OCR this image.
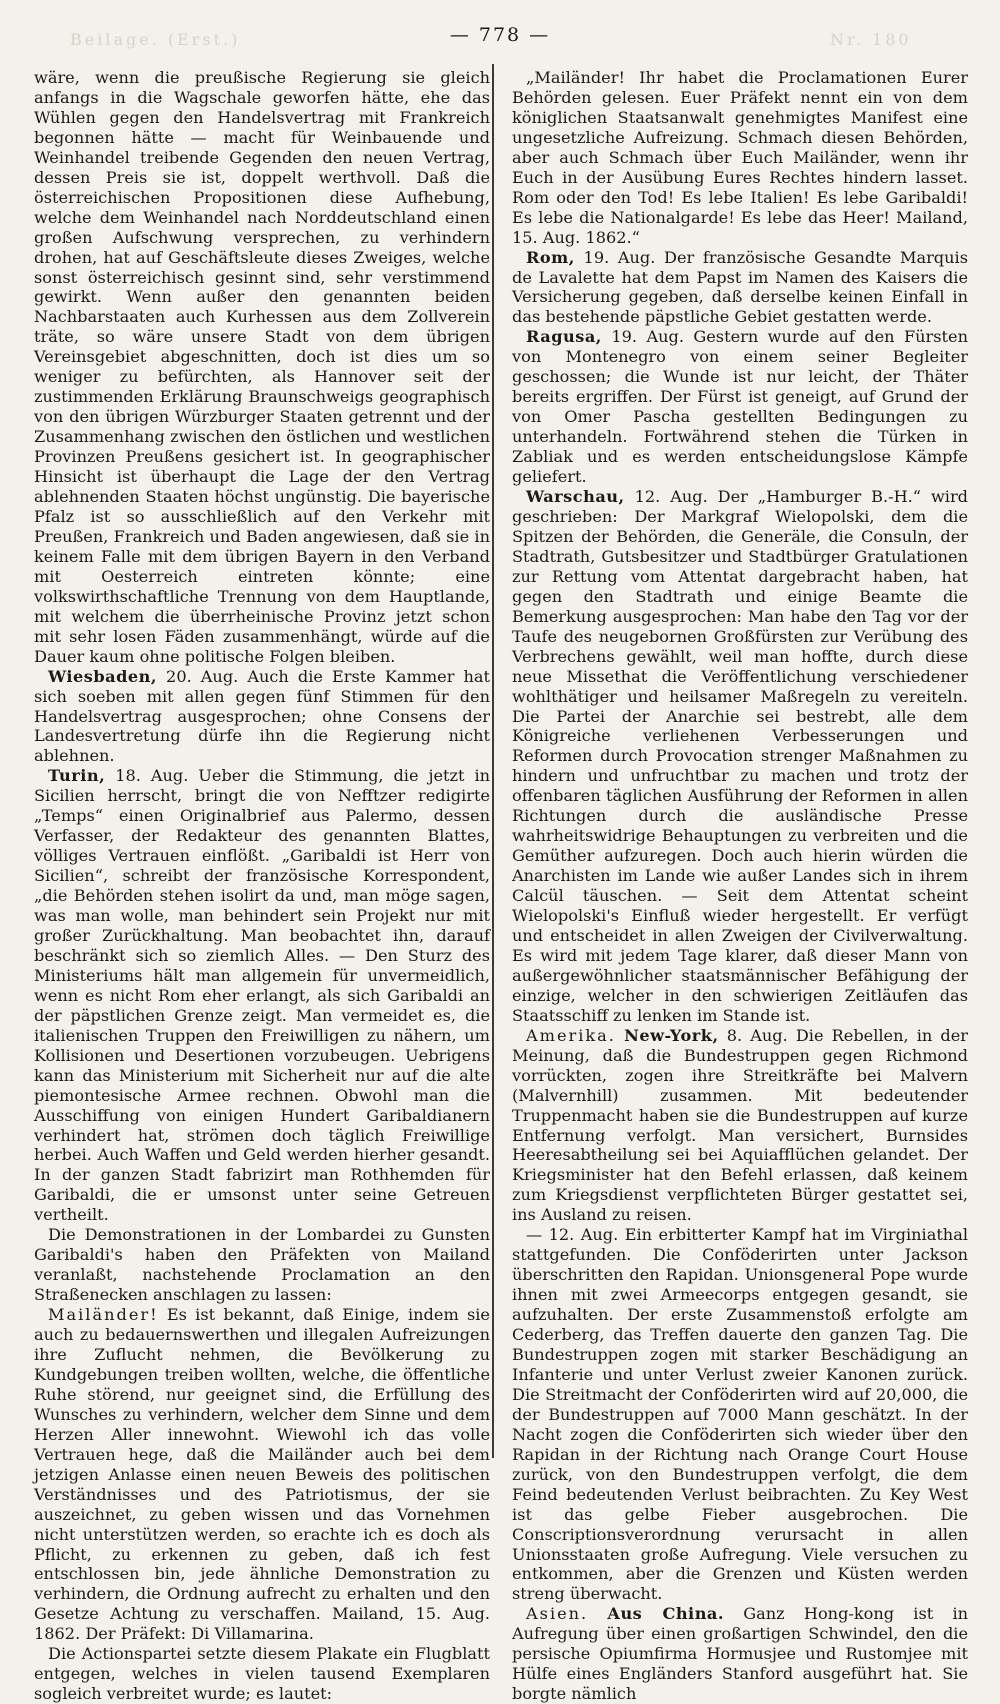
Beilage. (Erst.)	Nr. 180
— 778 —

wäre, wenn die preußische Regierung sie gleich anfangs in die Wagschale geworfen hätte, ehe das Wühlen gegen den Handelsvertrag mit Frankreich begonnen hätte — macht für Weinbauende und Weinhandel treibende Gegenden den neuen Vertrag, dessen Preis sie ist, doppelt werthvoll. Daß die österreichischen Propositionen diese Aufhebung, welche dem Weinhandel nach Norddeutschland einen großen Aufschwung versprechen, zu verhindern drohen, hat auf Geschäftsleute dieses Zweiges, welche sonst österreichisch gesinnt sind, sehr verstimmend gewirkt. Wenn außer den genannten beiden Nachbarstaaten auch Kurhessen aus dem Zollverein träte, so wäre unsere Stadt von dem übrigen Vereinsgebiet abgeschnitten, doch ist dies um so weniger zu befürchten, als Hannover seit der zustimmenden Erklärung Braunschweigs geographisch von den übrigen Würzburger Staaten getrennt und der Zusammenhang zwischen den östlichen und westlichen Provinzen Preußens gesichert ist. In geographischer Hinsicht ist überhaupt die Lage der den Vertrag ablehnenden Staaten höchst ungünstig. Die bayerische Pfalz ist so ausschließlich auf den Verkehr mit Preußen, Frankreich und Baden angewiesen, daß sie in keinem Falle mit dem übrigen Bayern in den Verband mit Oesterreich eintreten könnte; eine volkswirthschaftliche Trennung von dem Hauptlande, mit welchem die überrheinische Provinz jetzt schon mit sehr losen Fäden zusammenhängt, würde auf die Dauer kaum ohne politische Folgen bleiben.

Wiesbaden, 20. Aug. Auch die Erste Kammer hat sich soeben mit allen gegen fünf Stimmen für den Handelsvertrag ausgesprochen; ohne Consens der Landesvertretung dürfe ihn die Regierung nicht ablehnen.

Turin, 18. Aug. Ueber die Stimmung, die jetzt in Sicilien herrscht, bringt die von Nefftzer redigirte „Temps“ einen Originalbrief aus Palermo, dessen Verfasser, der Redakteur des genannten Blattes, völliges Vertrauen einflößt. „Garibaldi ist Herr von Sicilien“, schreibt der französische Korrespondent, „die Behörden stehen isolirt da und, man möge sagen, was man wolle, man behindert sein Projekt nur mit großer Zurückhaltung. Man beobachtet ihn, darauf beschränkt sich so ziemlich Alles. — Den Sturz des Ministeriums hält man allgemein für unvermeidlich, wenn es nicht Rom eher erlangt, als sich Garibaldi an der päpstlichen Grenze zeigt. Man vermeidet es, die italienischen Truppen den Freiwilligen zu nähern, um Kollisionen und Desertionen vorzubeugen. Uebrigens kann das Ministerium mit Sicherheit nur auf die alte piemontesische Armee rechnen. Obwohl man die Ausschiffung von einigen Hundert Garibaldianern verhindert hat, strömen doch täglich Freiwillige herbei. Auch Waffen und Geld werden hierher gesandt. In der ganzen Stadt fabrizirt man Rothhemden für Garibaldi, die er umsonst unter seine Getreuen vertheilt.

Die Demonstrationen in der Lombardei zu Gunsten Garibaldi's haben den Präfekten von Mailand veranlaßt, nachstehende Proclamation an den Straßenecken anschlagen zu lassen:

Mailänder! Es ist bekannt, daß Einige, indem sie auch zu bedauernswerthen und illegalen Aufreizungen ihre Zuflucht nehmen, die Bevölkerung zu Kundgebungen treiben wollten, welche, die öffentliche Ruhe störend, nur geeignet sind, die Erfüllung des Wunsches zu verhindern, welcher dem Sinne und dem Herzen Aller innewohnt. Wiewohl ich das volle Vertrauen hege, daß die Mailänder auch bei dem jetzigen Anlasse einen neuen Beweis des politischen Verständnisses und des Patriotismus, der sie auszeichnet, zu geben wissen und das Vornehmen nicht unterstützen werden, so erachte ich es doch als Pflicht, zu erkennen zu geben, daß ich fest entschlossen bin, jede ähnliche Demonstration zu verhindern, die Ordnung aufrecht zu erhalten und den Gesetze Achtung zu verschaffen. Mailand, 15. Aug. 1862. Der Präfekt: Di Villamarina.

Die Actionspartei setzte diesem Plakate ein Flugblatt entgegen, welches in vielen tausend Exemplaren sogleich verbreitet wurde; es lautet:

„Mailänder! Ihr habet die Proclamationen Eurer Behörden gelesen. Euer Präfekt nennt ein von dem königlichen Staatsanwalt genehmigtes Manifest eine ungesetzliche Aufreizung. Schmach diesen Behörden, aber auch Schmach über Euch Mailänder, wenn ihr Euch in der Ausübung Eures Rechtes hindern lasset. Rom oder den Tod! Es lebe Italien! Es lebe Garibaldi! Es lebe die Nationalgarde! Es lebe das Heer! Mailand, 15. Aug. 1862.“

Rom, 19. Aug. Der französische Gesandte Marquis de Lavalette hat dem Papst im Namen des Kaisers die Versicherung gegeben, daß derselbe keinen Einfall in das bestehende päpstliche Gebiet gestatten werde.

Ragusa, 19. Aug. Gestern wurde auf den Fürsten von Montenegro von einem seiner Begleiter geschossen; die Wunde ist nur leicht, der Thäter bereits ergriffen. Der Fürst ist geneigt, auf Grund der von Omer Pascha gestellten Bedingungen zu unterhandeln. Fortwährend stehen die Türken in Zabliak und es werden entscheidungslose Kämpfe geliefert.

Warschau, 12. Aug. Der „Hamburger B.-H.“ wird geschrieben: Der Markgraf Wielopolski, dem die Spitzen der Behörden, die Generäle, die Consuln, der Stadtrath, Gutsbesitzer und Stadtbürger Gratulationen zur Rettung vom Attentat dargebracht haben, hat gegen den Stadtrath und einige Beamte die Bemerkung ausgesprochen: Man habe den Tag vor der Taufe des neugebornen Großfürsten zur Verübung des Verbrechens gewählt, weil man hoffte, durch diese neue Missethat die Veröffentlichung verschiedener wohlthätiger und heilsamer Maßregeln zu vereiteln. Die Partei der Anarchie sei bestrebt, alle dem Königreiche verliehenen Verbesserungen und Reformen durch Provocation strenger Maßnahmen zu hindern und unfruchtbar zu machen und trotz der offenbaren täglichen Ausführung der Reformen in allen Richtungen durch die ausländische Presse wahrheitswidrige Behauptungen zu verbreiten und die Gemüther aufzuregen. Doch auch hierin würden die Anarchisten im Lande wie außer Landes sich in ihrem Calcül täuschen. — Seit dem Attentat scheint Wielopolski's Einfluß wieder hergestellt. Er verfügt und entscheidet in allen Zweigen der Civilverwaltung. Es wird mit jedem Tage klarer, daß dieser Mann von außergewöhnlicher staatsmännischer Befähigung der einzige, welcher in den schwierigen Zeitläufen das Staatsschiff zu lenken im Stande ist.

Amerika. New-York, 8. Aug. Die Rebellen, in der Meinung, daß die Bundestruppen gegen Richmond vorrückten, zogen ihre Streitkräfte bei Malvern (Malvernhill) zusammen. Mit bedeutender Truppenmacht haben sie die Bundestruppen auf kurze Entfernung verfolgt. Man versichert, Burnsides Heeresabtheilung sei bei Aquiafflüchen gelandet. Der Kriegsminister hat den Befehl erlassen, daß keinem zum Kriegsdienst verpflichteten Bürger gestattet sei, ins Ausland zu reisen.

— 12. Aug. Ein erbitterter Kampf hat im Virginiathal stattgefunden. Die Conföderirten unter Jackson überschritten den Rapidan. Unionsgeneral Pope wurde ihnen mit zwei Armeecorps entgegen gesandt, sie aufzuhalten. Der erste Zusammenstoß erfolgte am Cederberg, das Treffen dauerte den ganzen Tag. Die Bundestruppen zogen mit starker Beschädigung an Infanterie und unter Verlust zweier Kanonen zurück. Die Streitmacht der Conföderirten wird auf 20,000, die der Bundestruppen auf 7000 Mann geschätzt. In der Nacht zogen die Conföderirten sich wieder über den Rapidan in der Richtung nach Orange Court House zurück, von den Bundestruppen verfolgt, die dem Feind bedeutenden Verlust beibrachten. Zu Key West ist das gelbe Fieber ausgebrochen. Die Conscriptionsverordnung verursacht in allen Unionsstaaten große Aufregung. Viele versuchen zu entkommen, aber die Grenzen und Küsten werden streng überwacht.

Asien. Aus China. Ganz Hong-kong ist in Aufregung über einen großartigen Schwindel, den die persische Opiumfirma Hormusjee und Rustomjee mit Hülfe eines Engländers Stanford ausgeführt hat. Sie borgte nämlich
